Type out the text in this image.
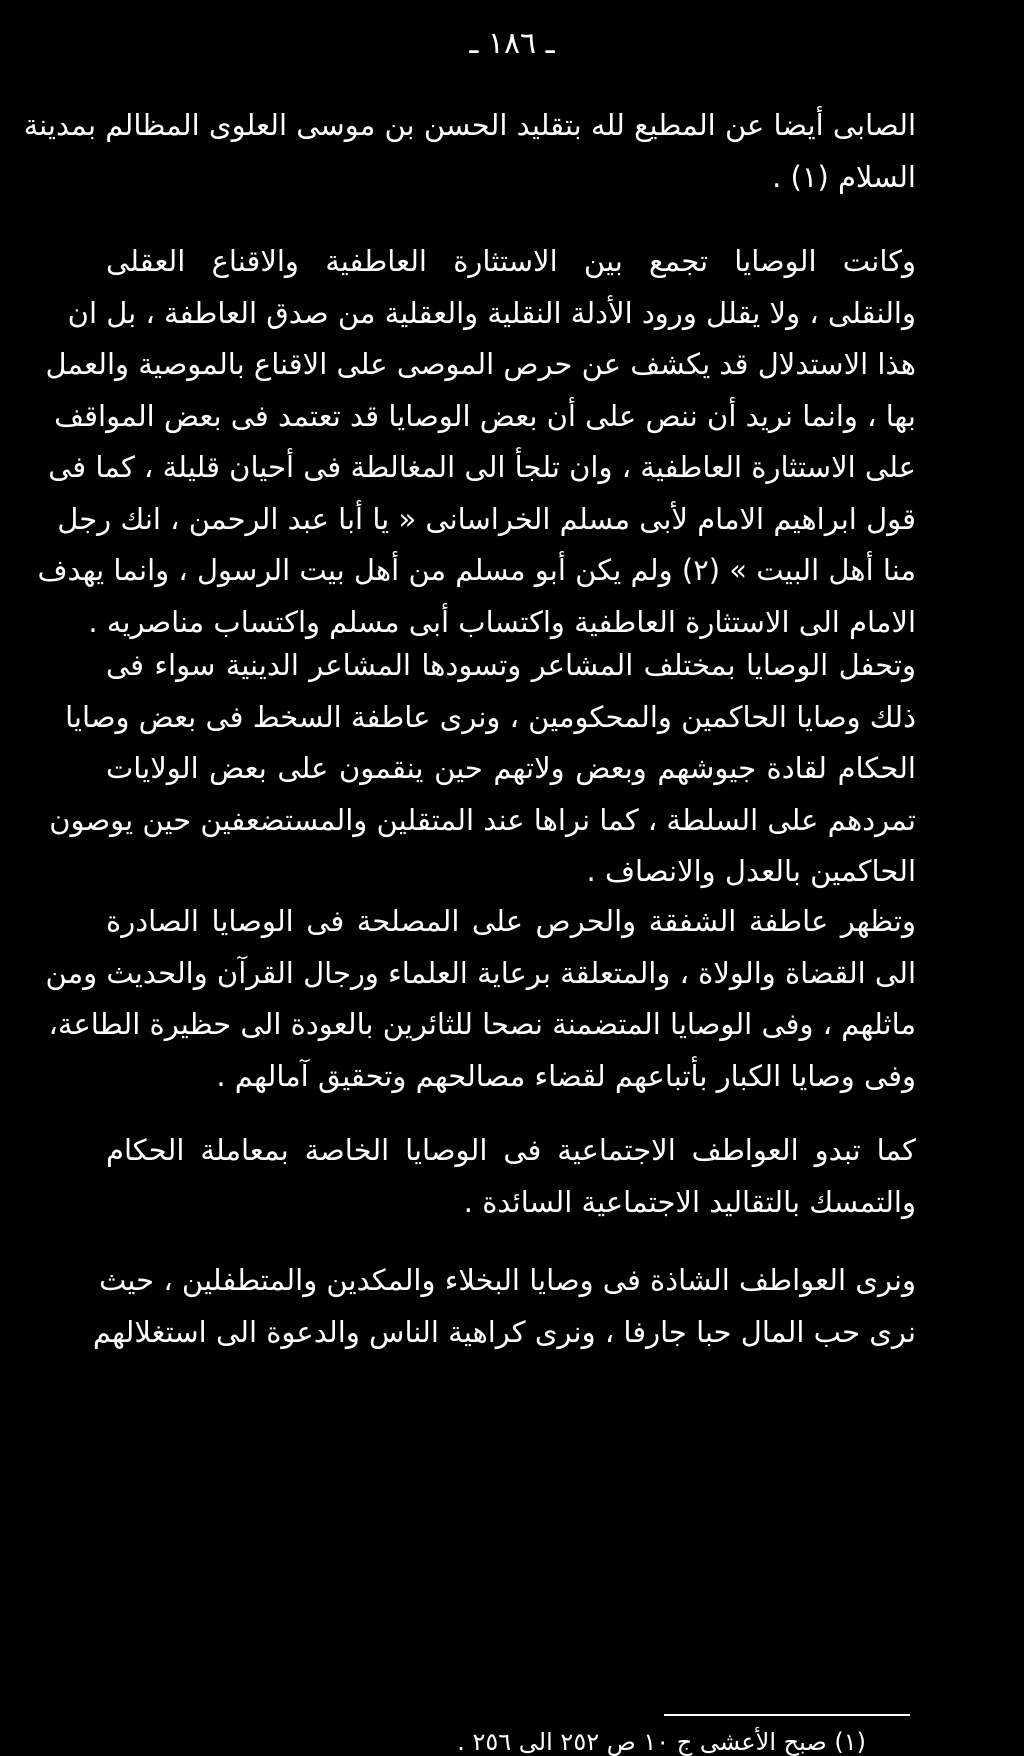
ـ ١٨٦ ـ
الصابى أيضا عن المطيع لله بتقليد الحسن بن موسى العلوى المظالم بمدينة
السلام (١) .
وكانت الوصايا تجمع بين الاستثارة العاطفية والاقناع العقلى
والنقلى ، ولا يقلل ورود الأدلة النقلية والعقلية من صدق العاطفة ، بل ان
هذا الاستدلال قد يكشف عن حرص الموصى على الاقناع بالموصية والعمل
بها ، وانما نريد أن ننص على أن بعض الوصايا قد تعتمد فى بعض المواقف
على الاستثارة العاطفية ، وان تلجأ الى المغالطة فى أحيان قليلة ، كما فى
قول ابراهيم الامام لأبى مسلم الخراسانى « يا أبا عبد الرحمن ، انك رجل
منا أهل البيت » (٢) ولم يكن أبو مسلم من أهل بيت الرسول ، وانما يهدف
الامام الى الاستثارة العاطفية واكتساب أبى مسلم واكتساب مناصريه .
وتحفل الوصايا بمختلف المشاعر وتسودها المشاعر الدينية سواء فى
ذلك وصايا الحاكمين والمحكومين ، ونرى عاطفة السخط فى بعض وصايا
الحكام لقادة جيوشهم وبعض ولاتهم حين ينقمون على بعض الولايات
تمردهم على السلطة ، كما نراها عند المتقلين والمستضعفين حين يوصون
الحاكمين بالعدل والانصاف .
وتظهر عاطفة الشفقة والحرص على المصلحة فى الوصايا الصادرة
الى القضاة والولاة ، والمتعلقة برعاية العلماء ورجال القرآن والحديث ومن
ماثلهم ، وفى الوصايا المتضمنة نصحا للثائرين بالعودة الى حظيرة الطاعة،
وفى وصايا الكبار بأتباعهم لقضاء مصالحهم وتحقيق آمالهم .
كما تبدو العواطف الاجتماعية فى الوصايا الخاصة بمعاملة الحكام
والتمسك بالتقاليد الاجتماعية السائدة .
ونرى العواطف الشاذة فى وصايا البخلاء والمكدين والمتطفلين ، حيث
نرى حب المال حبا جارفا ، ونرى كراهية الناس والدعوة الى استغلالهم
(١) صبح الأعشى ج ١٠ ص ٢٥٢ الى ٢٥٦ .
